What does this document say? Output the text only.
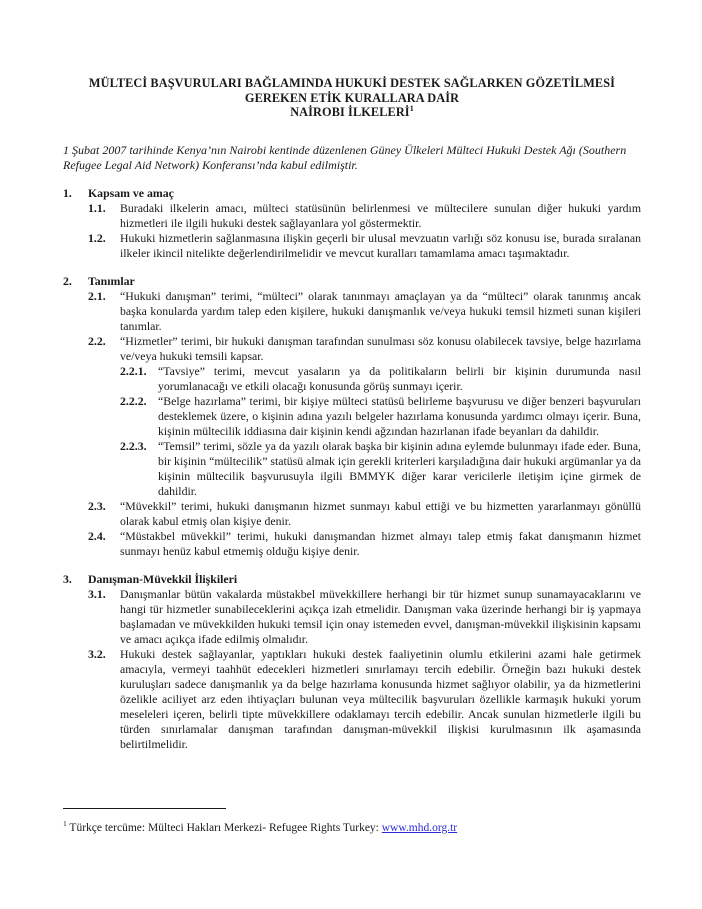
MÜLTECİ BAŞVURULARI BAĞLAMINDA HUKUKİ DESTEK SAĞLARKEN GÖZETİLMESİ
GEREKEN ETİK KURALLARA DAİR
NAİROBI İLKELERİ$^1$
1 Şubat 2007 tarihinde Kenya’nın Nairobi kentinde düzenlenen Güney Ülkeleri Mülteci Hukuki Destek Ağı (Southern Refugee Legal Aid Network) Konferansı’nda kabul edilmiştir.
1.	Kapsam ve amaç
1.1.	Buradaki ilkelerin amacı, mülteci statüsünün belirlenmesi ve mültecilere sunulan diğer hukuki yardım hizmetleri ile ilgili hukuki destek sağlayanlara yol göstermektir.
1.2.	Hukuki hizmetlerin sağlanmasına ilişkin geçerli bir ulusal mevzuatın varlığı söz konusu ise, burada sıralanan ilkeler ikincil nitelikte değerlendirilmelidir ve mevcut kuralları tamamlama amacı taşımaktadır.
2.	Tanımlar
2.1.	“Hukuki danışman” terimi, “mülteci” olarak tanınmayı amaçlayan ya da “mülteci” olarak tanınmış ancak başka konularda yardım talep eden kişilere, hukuki danışmanlık ve/veya hukuki temsil hizmeti sunan kişileri tanımlar.
2.2.	“Hizmetler” terimi, bir hukuki danışman tarafından sunulması söz konusu olabilecek tavsiye, belge hazırlama ve/veya hukuki temsili kapsar.
2.2.1. “Tavsiye” terimi, mevcut yasaların ya da politikaların belirli bir kişinin durumunda nasıl yorumlanacağı ve etkili olacağı konusunda görüş sunmayı içerir.
2.2.2. “Belge hazırlama” terimi, bir kişiye mülteci statüsü belirleme başvurusu ve diğer benzeri başvuruları desteklemek üzere, o kişinin adına yazılı belgeler hazırlama konusunda yardımcı olmayı içerir. Buna, kişinin mültecilik iddiasına dair kişinin kendi ağzından hazırlanan ifade beyanları da dahildir.
2.2.3. “Temsil” terimi, sözle ya da yazılı olarak başka bir kişinin adına eylemde bulunmayı ifade eder. Buna, bir kişinin “mültecilik” statüsü almak için gerekli kriterleri karşıladığına dair hukuki argümanlar ya da kişinin mültecilik başvurusuyla ilgili BMMYK diğer karar vericilerle iletişim içine girmek de dahildir.
2.3.	“Müvekkil” terimi, hukuki danışmanın hizmet sunmayı kabul ettiği ve bu hizmetten yararlanmayı gönüllü olarak kabul etmiş olan kişiye denir.
2.4.	“Müstakbel müvekkil” terimi, hukuki danışmandan hizmet almayı talep etmiş fakat danışmanın hizmet sunmayı henüz kabul etmemiş olduğu kişiye denir.
3.	Danışman-Müvekkil İlişkileri
3.1.	Danışmanlar bütün vakalarda müstakbel müvekkillere herhangi bir tür hizmet sunup sunamayacaklarını ve hangi tür hizmetler sunabileceklerini açıkça izah etmelidir. Danışman vaka üzerinde herhangi bir iş yapmaya başlamadan ve müvekkilden hukuki temsil için onay istemeden evvel, danışman-müvekkil ilişkisinin kapsamı ve amacı açıkça ifade edilmiş olmalıdır.
3.2.	Hukuki destek sağlayanlar, yaptıkları hukuki destek faaliyetinin olumlu etkilerini azami hale getirmek amacıyla, vermeyi taahhüt edecekleri hizmetleri sınırlamayı tercih edebilir. Örneğin bazı hukuki destek kuruluşları sadece danışmanlık ya da belge hazırlama konusunda hizmet sağlıyor olabilir, ya da hizmetlerini özelikle aciliyet arz eden ihtiyaçları bulunan veya mültecilik başvuruları özellikle karmaşık hukuki yorum meseleleri içeren, belirli tipte müvekkillere odaklamayı tercih edebilir. Ancak sunulan hizmetlerle ilgili bu türden sınırlamalar danışman tarafından danışman-müvekkil ilişkisi kurulmasının ilk aşamasında belirtilmelidir.
$^1$ Türkçe tercüme: Mülteci Hakları Merkezi- Refugee Rights Turkey: www.mhd.org.tr
